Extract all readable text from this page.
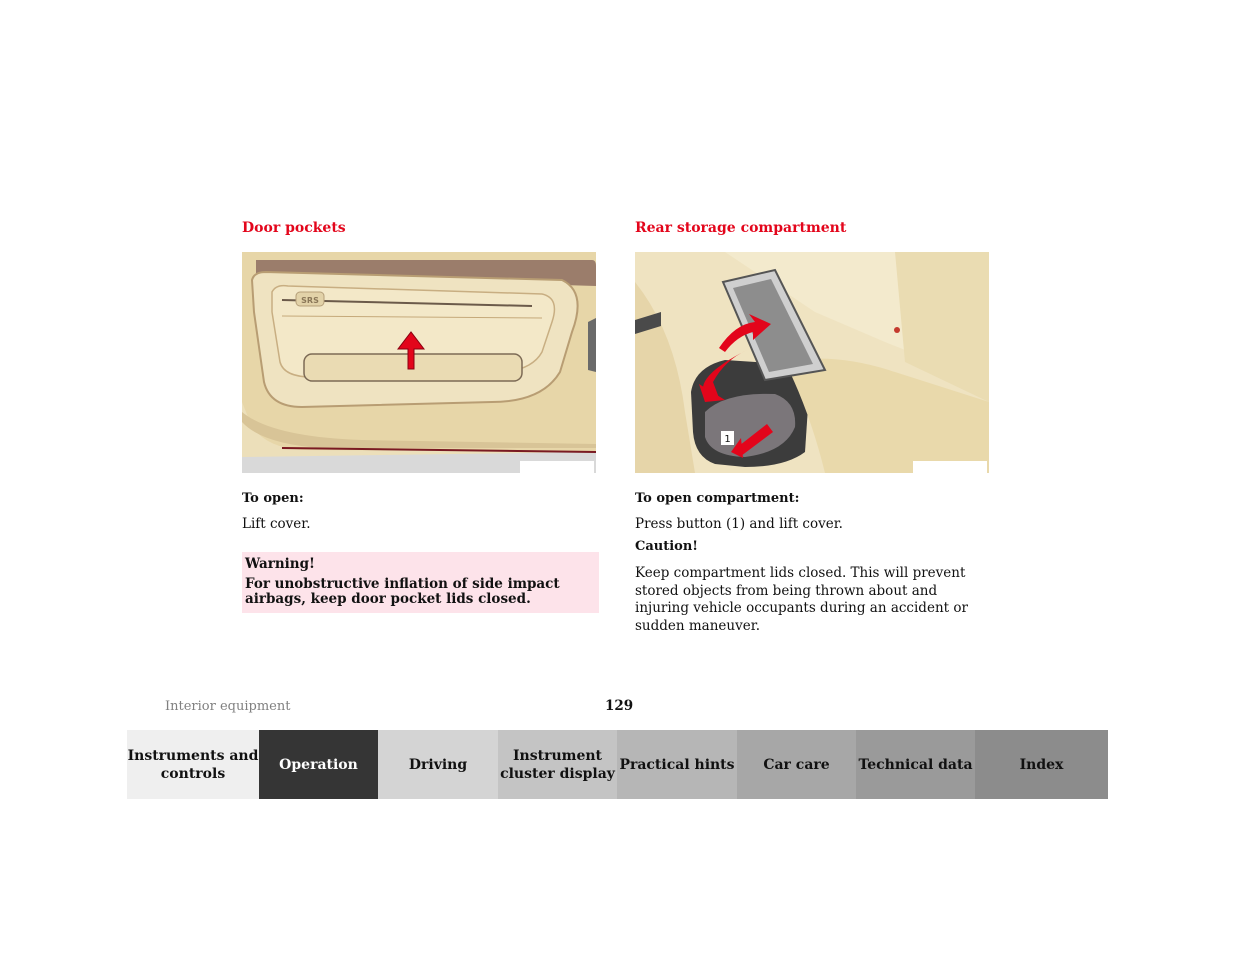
Door pockets
SRS
To open:
Lift cover.
Warning!
For unobstructive inflation of side impact airbags, keep door pocket lids closed.
Rear storage compartment
1
To open compartment:
Press button (1) and lift cover.
Caution!
Keep compartment lids closed. This will prevent stored objects from being thrown about and injuring vehicle occupants during an accident or sudden maneuver.
Interior equipment	129
Instruments and controls
Operation	Driving
Instrument cluster display
Practical hints	Car care	Technical data	Index
